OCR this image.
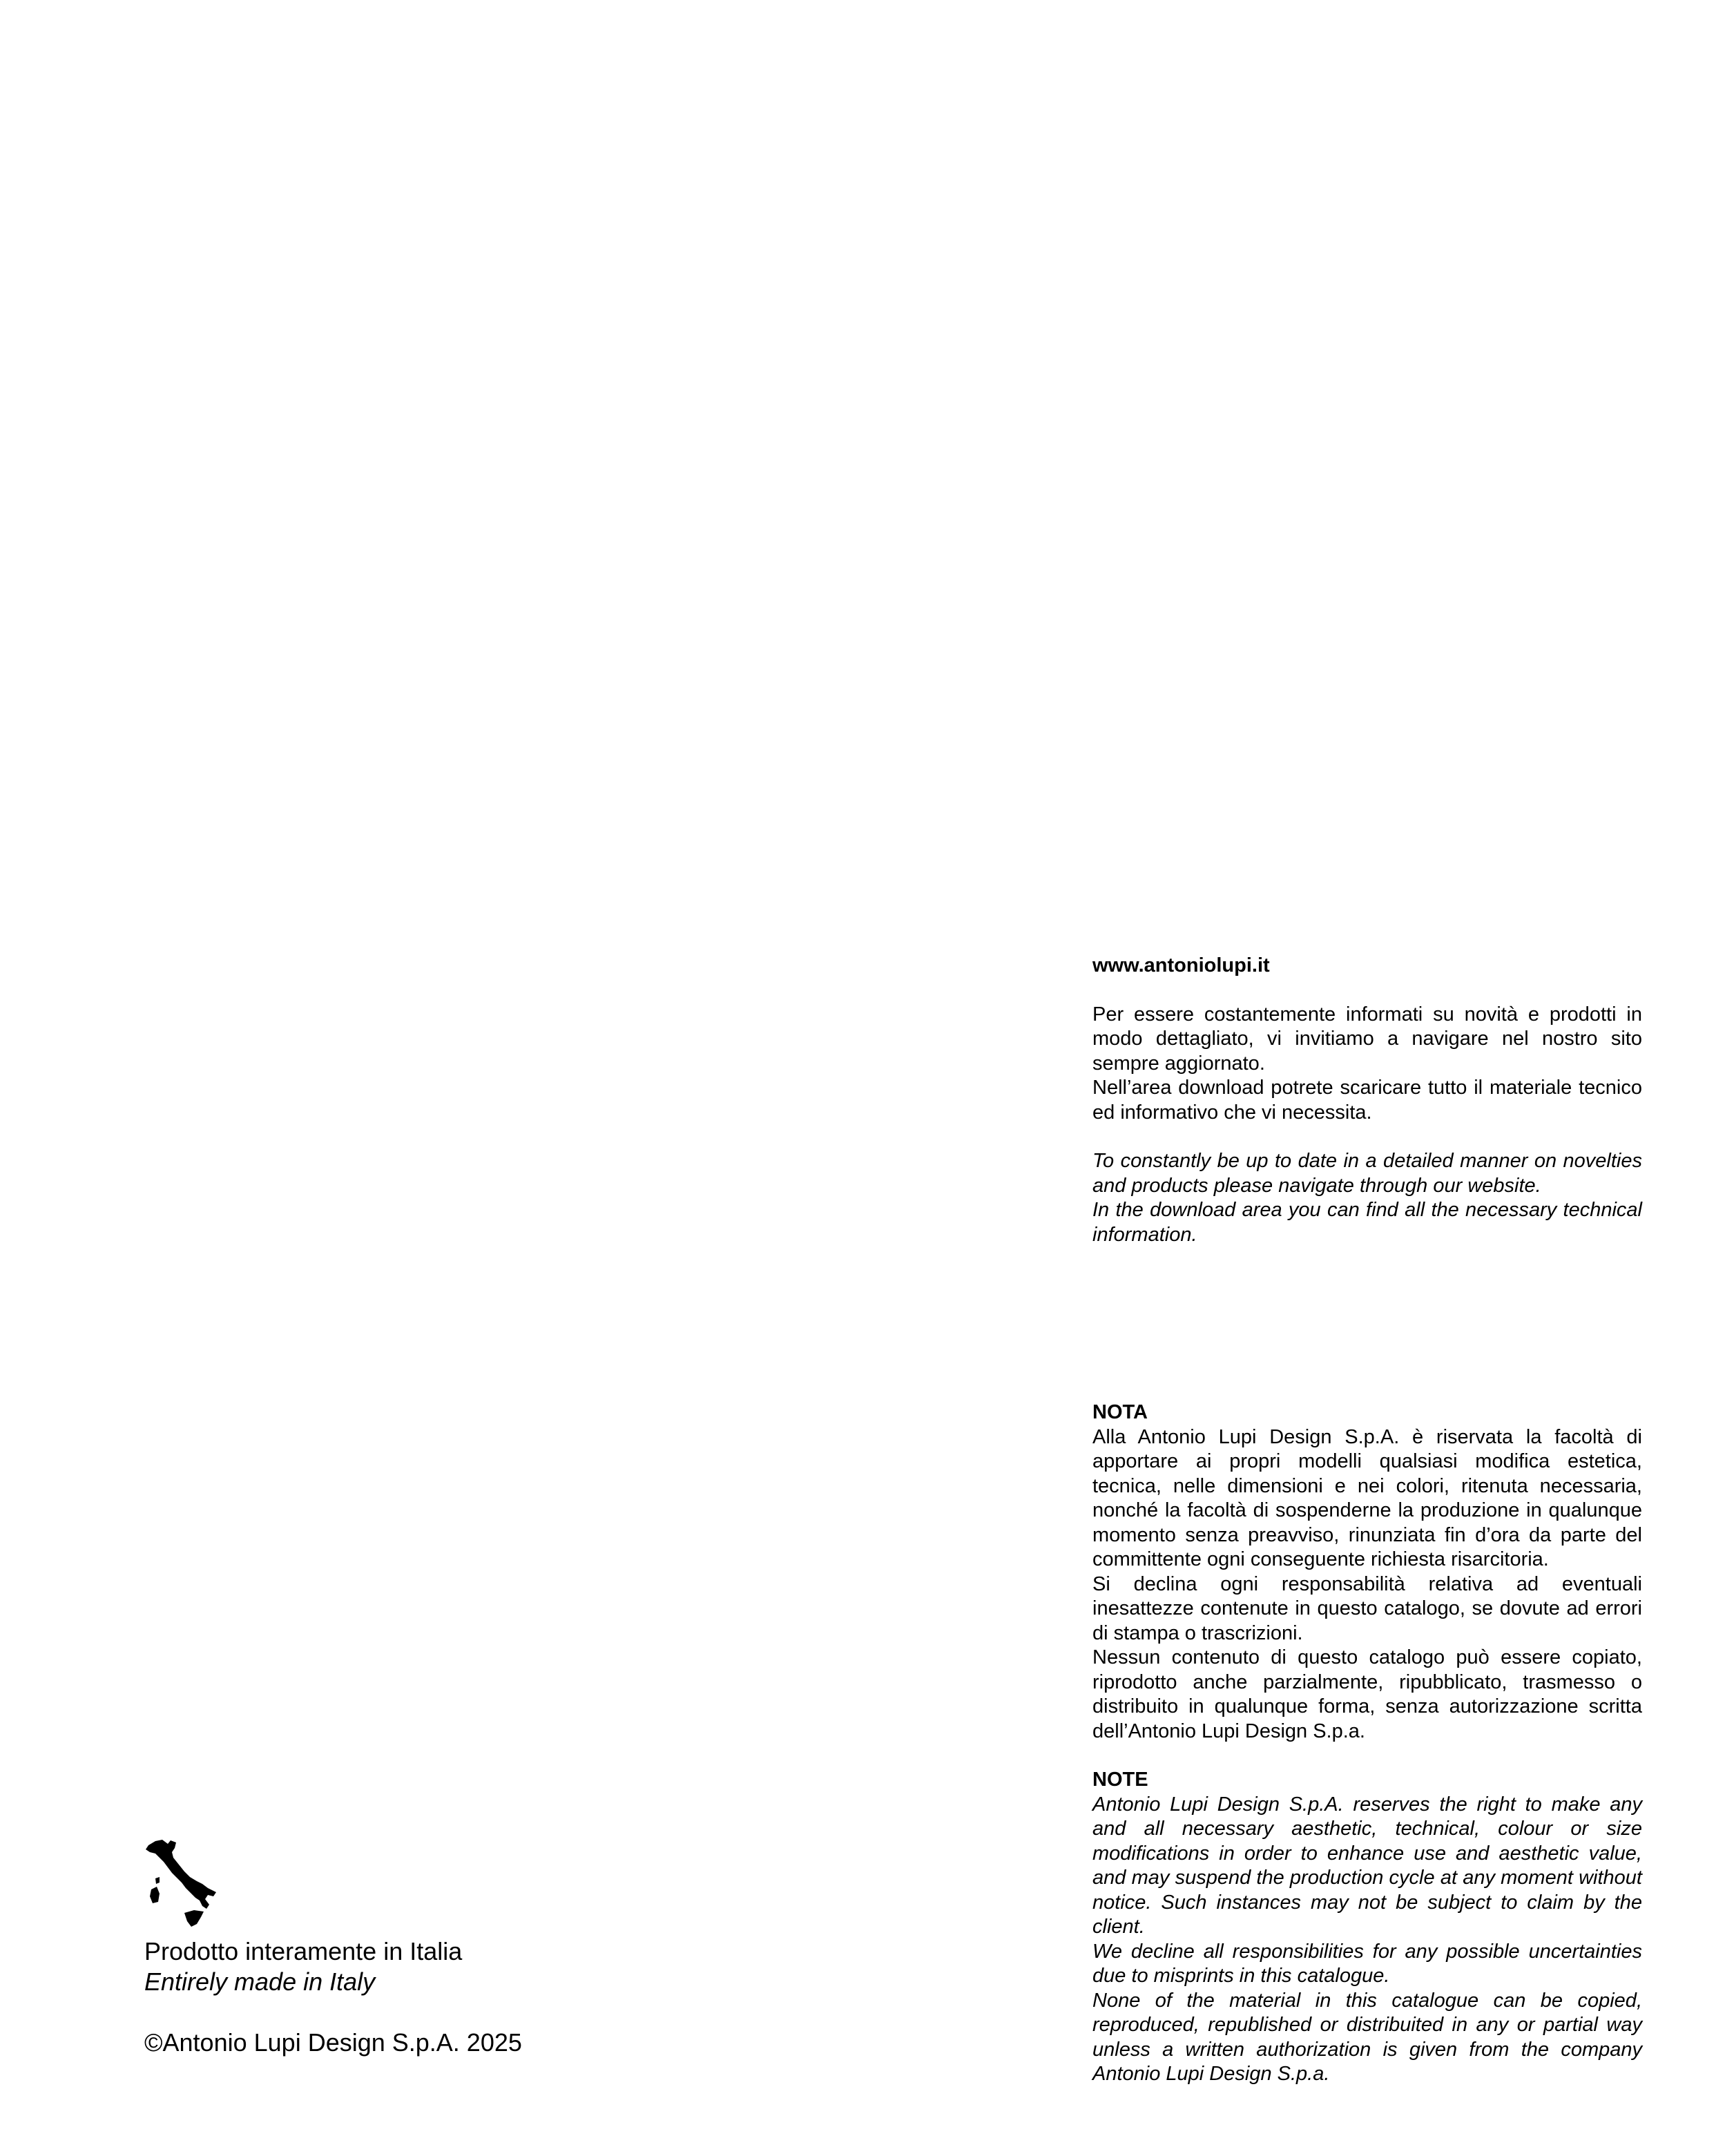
www.antoniolupi.it

Per essere costantemente informati su novità e prodotti in modo dettagliato, vi invitiamo a navigare nel nostro sito sempre aggiornato.

Nell’area download potrete scaricare tutto il materiale tecnico ed informativo che vi necessita.

To constantly be up to date in a detailed manner on novelties and products please navigate through our website.

In the download area you can find all the necessary technical information.

NOTA

Alla Antonio Lupi Design S.p.A. è riservata la facoltà di apportare ai propri modelli qualsiasi modifica estetica, tecnica, nelle dimensioni e nei colori, ritenuta necessaria, nonché la facoltà di sospenderne la produzione in qualunque momento senza preavviso, rinunziata fin d’ora da parte del committente ogni conseguente richiesta risarcitoria.

Si declina ogni responsabilità relativa ad eventuali inesattezze contenute in questo catalogo, se dovute ad errori di stampa o trascrizioni.

Nessun contenuto di questo catalogo può essere copiato, riprodotto anche parzialmente, ripubblicato, trasmesso o distribuito in qualunque forma, senza autorizzazione scritta dell’Antonio Lupi Design S.p.a.

NOTE

Antonio Lupi Design S.p.A. reserves the right to make any and all necessary aesthetic, technical, colour or size modifications in order to enhance use and aesthetic value, and may suspend the production cycle at any moment without notice. Such instances may not be subject to claim by the client.

We decline all responsibilities for any possible uncertainties due to misprints in this catalogue.

None of the material in this catalogue can be copied, reproduced, republished or distribuited in any or partial way unless a written authorization is given from the company Antonio Lupi Design S.p.a.

Prodotto interamente in Italia
Entirely made in Italy
©Antonio Lupi Design S.p.A. 2025
